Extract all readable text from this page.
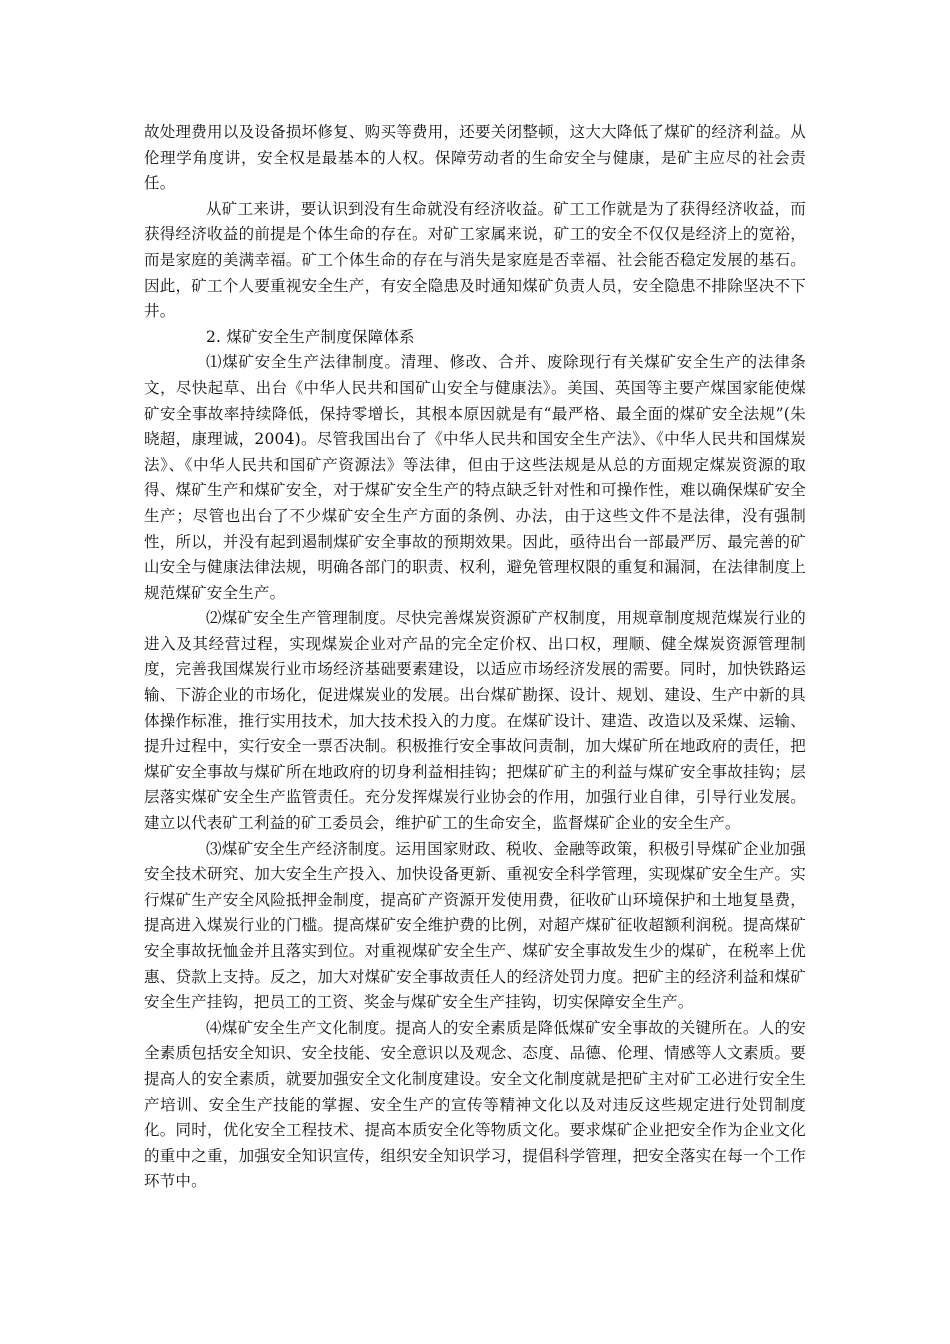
故处理费用以及设备损坏修复、购买等费用，还要关闭整顿，这大大降低了煤矿的经济利益。从伦理学角度讲，安全权是最基本的人权。保障劳动者的生命安全与健康，是矿主应尽的社会责任。

从矿工来讲，要认识到没有生命就没有经济收益。矿工工作就是为了获得经济收益，而获得经济收益的前提是个体生命的存在。对矿工家属来说，矿工的安全不仅仅是经济上的宽裕，而是家庭的美满幸福。矿工个体生命的存在与消失是家庭是否幸福、社会能否稳定发展的基石。因此，矿工个人要重视安全生产，有安全隐患及时通知煤矿负责人员，安全隐患不排除坚决不下井。

2. 煤矿安全生产制度保障体系

⑴煤矿安全生产法律制度。清理、修改、合并、废除现行有关煤矿安全生产的法律条文，尽快起草、出台《中华人民共和国矿山安全与健康法》。美国、英国等主要产煤国家能使煤矿安全事故率持续降低，保持零增长，其根本原因就是有“最严格、最全面的煤矿安全法规”(朱晓超，康理诚，2004)。尽管我国出台了《中华人民共和国安全生产法》、《中华人民共和国煤炭法》、《中华人民共和国矿产资源法》等法律，但由于这些法规是从总的方面规定煤炭资源的取得、煤矿生产和煤矿安全，对于煤矿安全生产的特点缺乏针对性和可操作性，难以确保煤矿安全生产；尽管也出台了不少煤矿安全生产方面的条例、办法，由于这些文件不是法律，没有强制性，所以，并没有起到遏制煤矿安全事故的预期效果。因此，亟待出台一部最严厉、最完善的矿山安全与健康法律法规，明确各部门的职责、权利，避免管理权限的重复和漏洞，在法律制度上规范煤矿安全生产。

⑵煤矿安全生产管理制度。尽快完善煤炭资源矿产权制度，用规章制度规范煤炭行业的进入及其经营过程，实现煤炭企业对产品的完全定价权、出口权，理顺、健全煤炭资源管理制度，完善我国煤炭行业市场经济基础要素建设，以适应市场经济发展的需要。同时，加快铁路运输、下游企业的市场化，促进煤炭业的发展。出台煤矿勘探、设计、规划、建设、生产中新的具体操作标准，推行实用技术，加大技术投入的力度。在煤矿设计、建造、改造以及采煤、运输、提升过程中，实行安全一票否决制。积极推行安全事故问责制，加大煤矿所在地政府的责任，把煤矿安全事故与煤矿所在地政府的切身利益相挂钩；把煤矿矿主的利益与煤矿安全事故挂钩；层层落实煤矿安全生产监管责任。充分发挥煤炭行业协会的作用，加强行业自律，引导行业发展。建立以代表矿工利益的矿工委员会，维护矿工的生命安全，监督煤矿企业的安全生产。

⑶煤矿安全生产经济制度。运用国家财政、税收、金融等政策，积极引导煤矿企业加强安全技术研究、加大安全生产投入、加快设备更新、重视安全科学管理，实现煤矿安全生产。实行煤矿生产安全风险抵押金制度，提高矿产资源开发使用费，征收矿山环境保护和土地复垦费，提高进入煤炭行业的门槛。提高煤矿安全维护费的比例，对超产煤矿征收超额利润税。提高煤矿安全事故抚恤金并且落实到位。对重视煤矿安全生产、煤矿安全事故发生少的煤矿，在税率上优惠、贷款上支持。反之，加大对煤矿安全事故责任人的经济处罚力度。把矿主的经济利益和煤矿安全生产挂钩，把员工的工资、奖金与煤矿安全生产挂钩，切实保障安全生产。

⑷煤矿安全生产文化制度。提高人的安全素质是降低煤矿安全事故的关键所在。人的安全素质包括安全知识、安全技能、安全意识以及观念、态度、品德、伦理、情感等人文素质。要提高人的安全素质，就要加强安全文化制度建设。安全文化制度就是把矿主对矿工必进行安全生产培训、安全生产技能的掌握、安全生产的宣传等精神文化以及对违反这些规定进行处罚制度化。同时，优化安全工程技术、提高本质安全化等物质文化。要求煤矿企业把安全作为企业文化的重中之重，加强安全知识宣传，组织安全知识学习，提倡科学管理，把安全落实在每一个工作环节中。
